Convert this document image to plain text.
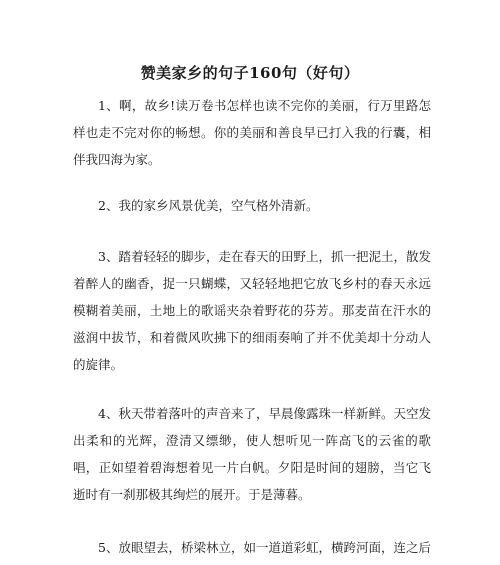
赞美家乡的句子160句（好句）

1、啊，故乡!读万卷书怎样也读不完你的美丽，行万里路怎样也走不完对你的畅想。你的美丽和善良早已打入我的行囊，相伴我四海为家。

2、我的家乡风景优美，空气格外清新。

3、踏着轻轻的脚步，走在春天的田野上，抓一把泥土，散发着醉人的幽香，捉一只蝴蝶，又轻轻地把它放飞乡村的春天永远模糊着美丽，土地上的歌谣夹杂着野花的芬芳。那麦苗在汗水的滋润中拔节，和着微风吹拂下的细雨奏响了并不优美却十分动人的旋律。

4、秋天带着落叶的声音来了，早晨像露珠一样新鲜。天空发出柔和的光辉，澄清又缥缈，使人想听见一阵高飞的云雀的歌唱，正如望着碧海想着见一片白帆。夕阳是时间的翅膀，当它飞逝时有一刹那极其绚烂的展开。于是薄暮。

5、放眼望去，桥梁林立，如一道道彩虹，横跨河面，连之后
